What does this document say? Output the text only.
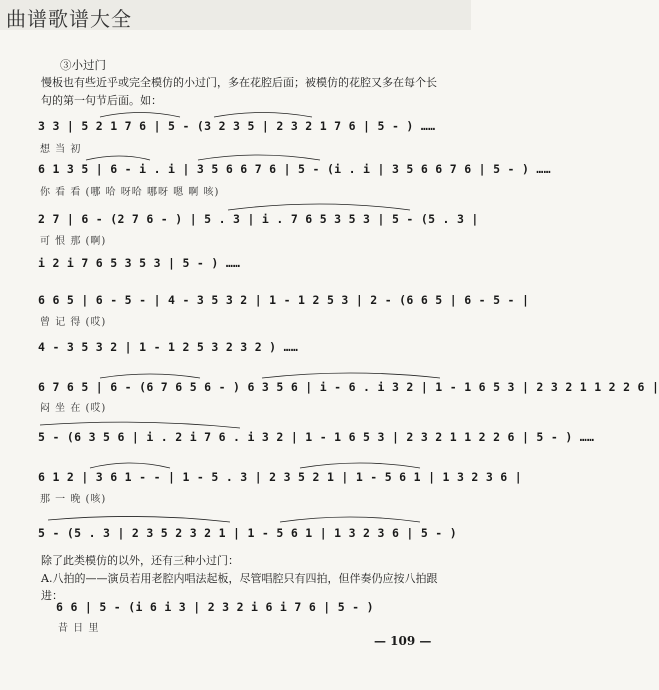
曲谱歌谱大全
③小过门
慢板也有些近乎或完全模仿的小过门，多在花腔后面；被模仿的花腔又多在每个长
句的第一句节后面。如：
3 3 | 5 2 1 7 6 | 5 - (3 2 3 5 | 2 3 2 1 7 6 | 5 - ) ……
想 当 初
6 1 3 5 | 6 - i . i | 3 5 6 6 7 6 | 5 - (i . i | 3 5 6 6 7 6 | 5 - ) ……
你 看 看 (哪 哈 呀哈 哪呀 嗯 啊 咳)
2 7 | 6 - (2 7 6 - ) | 5 . 3 | i . 7 6 5 3 5 3 | 5 - (5 . 3 |
可 恨 那 (啊)
i 2 i 7 6 5 3 5 3 | 5 - ) ……
6 6 5 | 6 - 5 - | 4 - 3 5 3 2 | 1 - 1 2 5 3 | 2 - (6 6 5 | 6 - 5 - |
曾 记 得 (哎)
4 - 3 5 3 2 | 1 - 1 2 5 3 2 3 2 ) ……
6 7 6 5 | 6 - (6 7 6 5 6 - ) 6 3 5 6 | i - 6 . i 3 2 | 1 - 1 6 5 3 | 2 3 2 1 1 2 2 6 |
闷 坐 在 (哎)
5 - (6 3 5 6 | i . 2 i 7 6 . i 3 2 | 1 - 1 6 5 3 | 2 3 2 1 1 2 2 6 | 5 - ) ……
6 1 2 | 3 6 1 - - | 1 - 5 . 3 | 2 3 5 2 1 | 1 - 5 6 1 | 1 3 2 3 6 |
那 一 晚 (咳)
5 - (5 . 3 | 2 3 5 2 3 2 1 | 1 - 5 6 1 | 1 3 2 3 6 | 5 - )
除了此类模仿的以外，还有三种小过门：
A.八拍的——演员若用老腔内唱法起板，尽管唱腔只有四拍，但伴奏仍应按八拍跟
进：
6 6 | 5 - (i 6 i 3 | 2 3 2 i 6 i 7 6 | 5 - )
昔 日 里
— 109 —
